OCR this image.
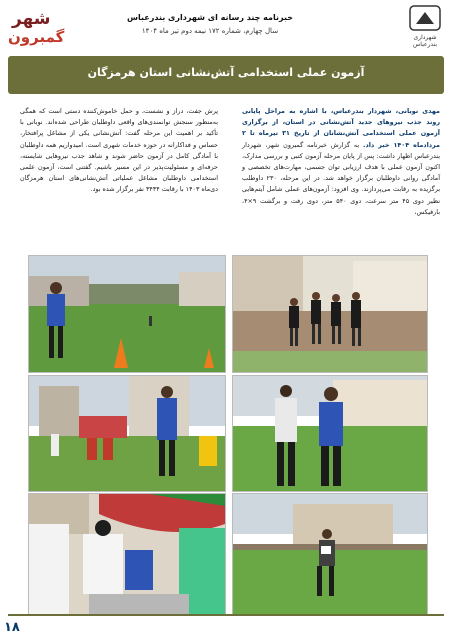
شهر
گمبرون
خبرنامه چند رسانه ای شهرداری بندرعباس
سال چهارم، شماره ۱۷۲ نیمه دوم تیر ماه ۱۴۰۴
شهرداری بندرعباس
آزمون عملی استخدامی آتش‌نشانی استان هرمزگان
مهدی نوبانی، شهردار بندرعباس، با اشاره به مراحل پایانی روند جذب نیروهای جدید آتش‌نشانی در استان، از برگزاری آزمون عملی استخدامی آتش‌نشانان از تاریخ ۳۱ تیرماه تا ۲ مردادماه ۱۴۰۴ خبر داد. به گزارش خبرنامه گمبرون شهر، شهردار بندرعباس اظهار داشت: پس از پایان مرحله آزمون کتبی و بررسی مدارک، اکنون آزمون عملی با هدف ارزیابی توان جسمی، مهارت‌های تخصصی و آمادگی روانی داوطلبان برگزار خواهد شد. در این مرحله، ۲۳۰ داوطلب برگزیده به رقابت می‌پردازند. وی افزود: آزمون‌های عملی شامل آیتم‌هایی نظیر دوی ۴۵ متر سرعت، دوی ۵۴۰ متر، دوی رفت و برگشت ۹×۴، بارفیکس،
پرش جفت، دراز و نشست، و حمل خاموش‌کننده دستی است که همگی به‌منظور سنجش توانمندی‌های واقعی داوطلبان طراحی شده‌اند. نوبانی با تأکید بر اهمیت این مرحله گفت: آتش‌نشانی یکی از مشاغل پرافتخار، حساس و فداکارانه در حوزه خدمات شهری است. امیدواریم همه داوطلبان با آمادگی کامل در آزمون حاضر شوند و شاهد جذب نیروهایی شایسته، حرفه‌ای و مسئولیت‌پذیر در این مسیر باشیم. گفتنی است، آزمون علمی استخدامی داوطلبان مشاغل عملیاتی آتش‌نشانی‌های استان هرمزگان دی‌ماه ۱۴۰۳ با رقابت ۳۴۳۴ نفر برگزار شده بود.
۱۸
